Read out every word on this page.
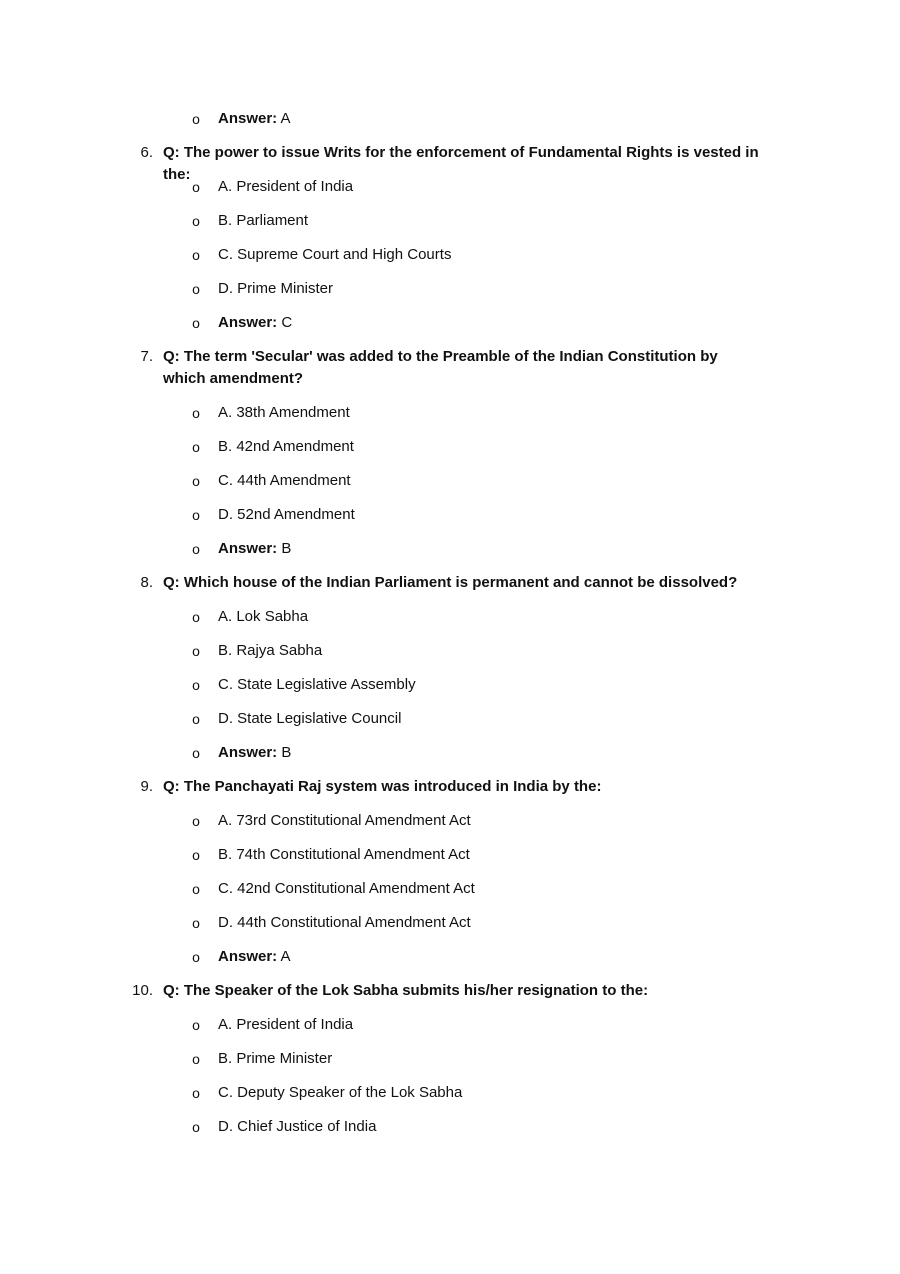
o Answer: A
6. Q: The power to issue Writs for the enforcement of Fundamental Rights is vested in the:
o A. President of India
o B. Parliament
o C. Supreme Court and High Courts
o D. Prime Minister
o Answer: C
7. Q: The term 'Secular' was added to the Preamble of the Indian Constitution by which amendment?
o A. 38th Amendment
o B. 42nd Amendment
o C. 44th Amendment
o D. 52nd Amendment
o Answer: B
8. Q: Which house of the Indian Parliament is permanent and cannot be dissolved?
o A. Lok Sabha
o B. Rajya Sabha
o C. State Legislative Assembly
o D. State Legislative Council
o Answer: B
9. Q: The Panchayati Raj system was introduced in India by the:
o A. 73rd Constitutional Amendment Act
o B. 74th Constitutional Amendment Act
o C. 42nd Constitutional Amendment Act
o D. 44th Constitutional Amendment Act
o Answer: A
10. Q: The Speaker of the Lok Sabha submits his/her resignation to the:
o A. President of India
o B. Prime Minister
o C. Deputy Speaker of the Lok Sabha
o D. Chief Justice of India
